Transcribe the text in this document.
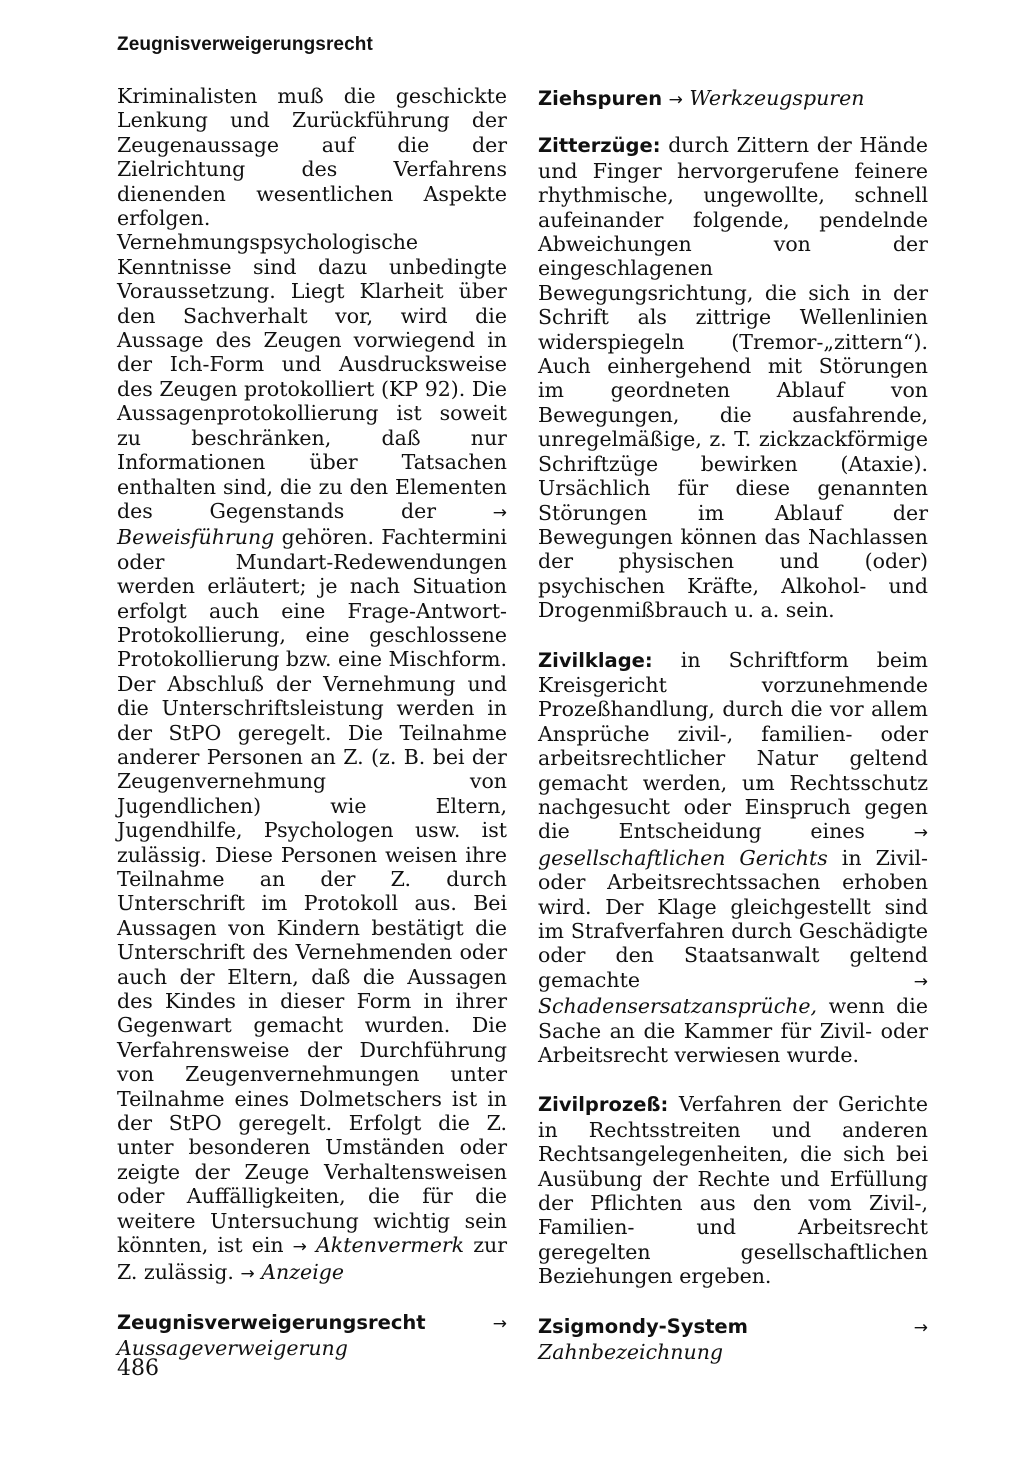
Zeugnisverweigerungsrecht

Kriminalisten muß die geschickte Lenkung und Zurückführung der Zeugenaussage auf die der Zielrichtung des Verfahrens dienenden wesentlichen Aspekte erfolgen. Vernehmungspsychologische Kenntnisse sind dazu unbedingte Voraussetzung. Liegt Klarheit über den Sachverhalt vor, wird die Aussage des Zeugen vorwiegend in der Ich-Form und Ausdrucksweise des Zeugen protokolliert (KP 92). Die Aussagenprotokollierung ist soweit zu beschränken, daß nur Informationen über Tatsachen enthalten sind, die zu den Elementen des Gegenstands der	→ Beweisführung gehören. Fachtermini oder Mundart-Redewendungen werden erläutert; je nach Situation erfolgt auch eine Frage-Antwort-Protokollierung, eine geschlossene Protokollierung bzw. eine Mischform. Der Abschluß der Vernehmung und die Unterschriftsleistung werden in der StPO geregelt. Die Teilnahme anderer Personen an Z. (z. B. bei der Zeugenvernehmung von Jugendlichen) wie Eltern, Jugendhilfe, Psychologen usw. ist zulässig. Diese Personen weisen ihre Teilnahme an der Z. durch Unterschrift im Protokoll aus. Bei Aussagen von Kindern bestätigt die Unterschrift des Vernehmenden oder auch der Eltern, daß die Aussagen des Kindes in dieser Form in ihrer Gegenwart gemacht wurden. Die Verfahrensweise der Durchführung von Zeugenvernehmungen unter Teilnahme eines Dolmetschers ist in der StPO geregelt. Erfolgt die Z. unter besonderen Umständen oder zeigte der Zeuge Verhaltensweisen oder Auffälligkeiten, die für die weitere Untersuchung wichtig sein könnten, ist ein → Aktenvermerk zur Z. zulässig. → Anzeige

Zeugnisverweigerungsrecht	→ Aussageverweigerung

Ziehspuren → Werkzeugspuren

Zitterzüge: durch Zittern der Hände und Finger hervorgerufene feinere rhythmische, ungewollte, schnell aufeinander folgende, pendelnde Abweichungen von der eingeschlagenen Bewegungsrichtung, die sich in der Schrift als zittrige Wellenlinien widerspiegeln (Tremor-„zittern“). Auch einhergehend mit Störungen im geordneten Ablauf von Bewegungen, die ausfahrende, unregelmäßige, z. T. zickzackförmige Schriftzüge bewirken (Ataxie). Ursächlich für diese genannten Störungen im Ablauf der Bewegungen können das Nachlassen der physischen und (oder) psychischen Kräfte, Alkohol- und Drogenmißbrauch u. a. sein.

Zivilklage: in Schriftform beim Kreisgericht vorzunehmende Prozeßhandlung, durch die vor allem Ansprüche zivil-, familien- oder arbeitsrechtlicher Natur geltend gemacht werden, um Rechtsschutz nachgesucht oder Einspruch gegen die Entscheidung eines	→ gesellschaftlichen Gerichts in Zivil- oder Arbeitsrechtssachen erhoben wird. Der Klage gleichgestellt sind im Strafverfahren durch Geschädigte oder den Staatsanwalt geltend gemachte	→ Schadensersatzansprüche, wenn die Sache an die Kammer für Zivil- oder Arbeitsrecht verwiesen wurde.

Zivilprozeß: Verfahren der Gerichte in Rechtsstreiten und anderen Rechtsangelegenheiten, die sich bei Ausübung der Rechte und Erfüllung der Pflichten aus den vom Zivil-, Familien- und Arbeitsrecht geregelten gesellschaftlichen Beziehungen ergeben.

Zsigmondy-System	→ Zahnbezeichnung

486
